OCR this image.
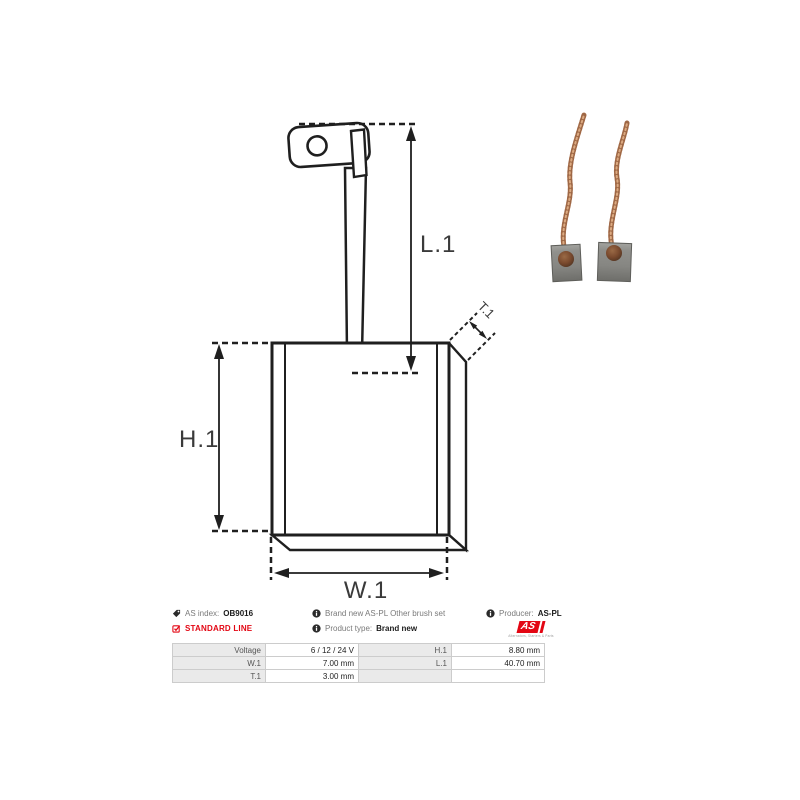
L.1
H.1
W.1
T.1
AS index: OB9016
STANDARD LINE
Brand new AS-PL Other brush set
Product type: Brand new
Producer: AS-PL
AS
Alternators, Starters & Parts
Voltage	6 / 12 / 24 V	H.1	8.80 mm
W.1	7.00 mm	L.1	40.70 mm
T.1	3.00 mm		
